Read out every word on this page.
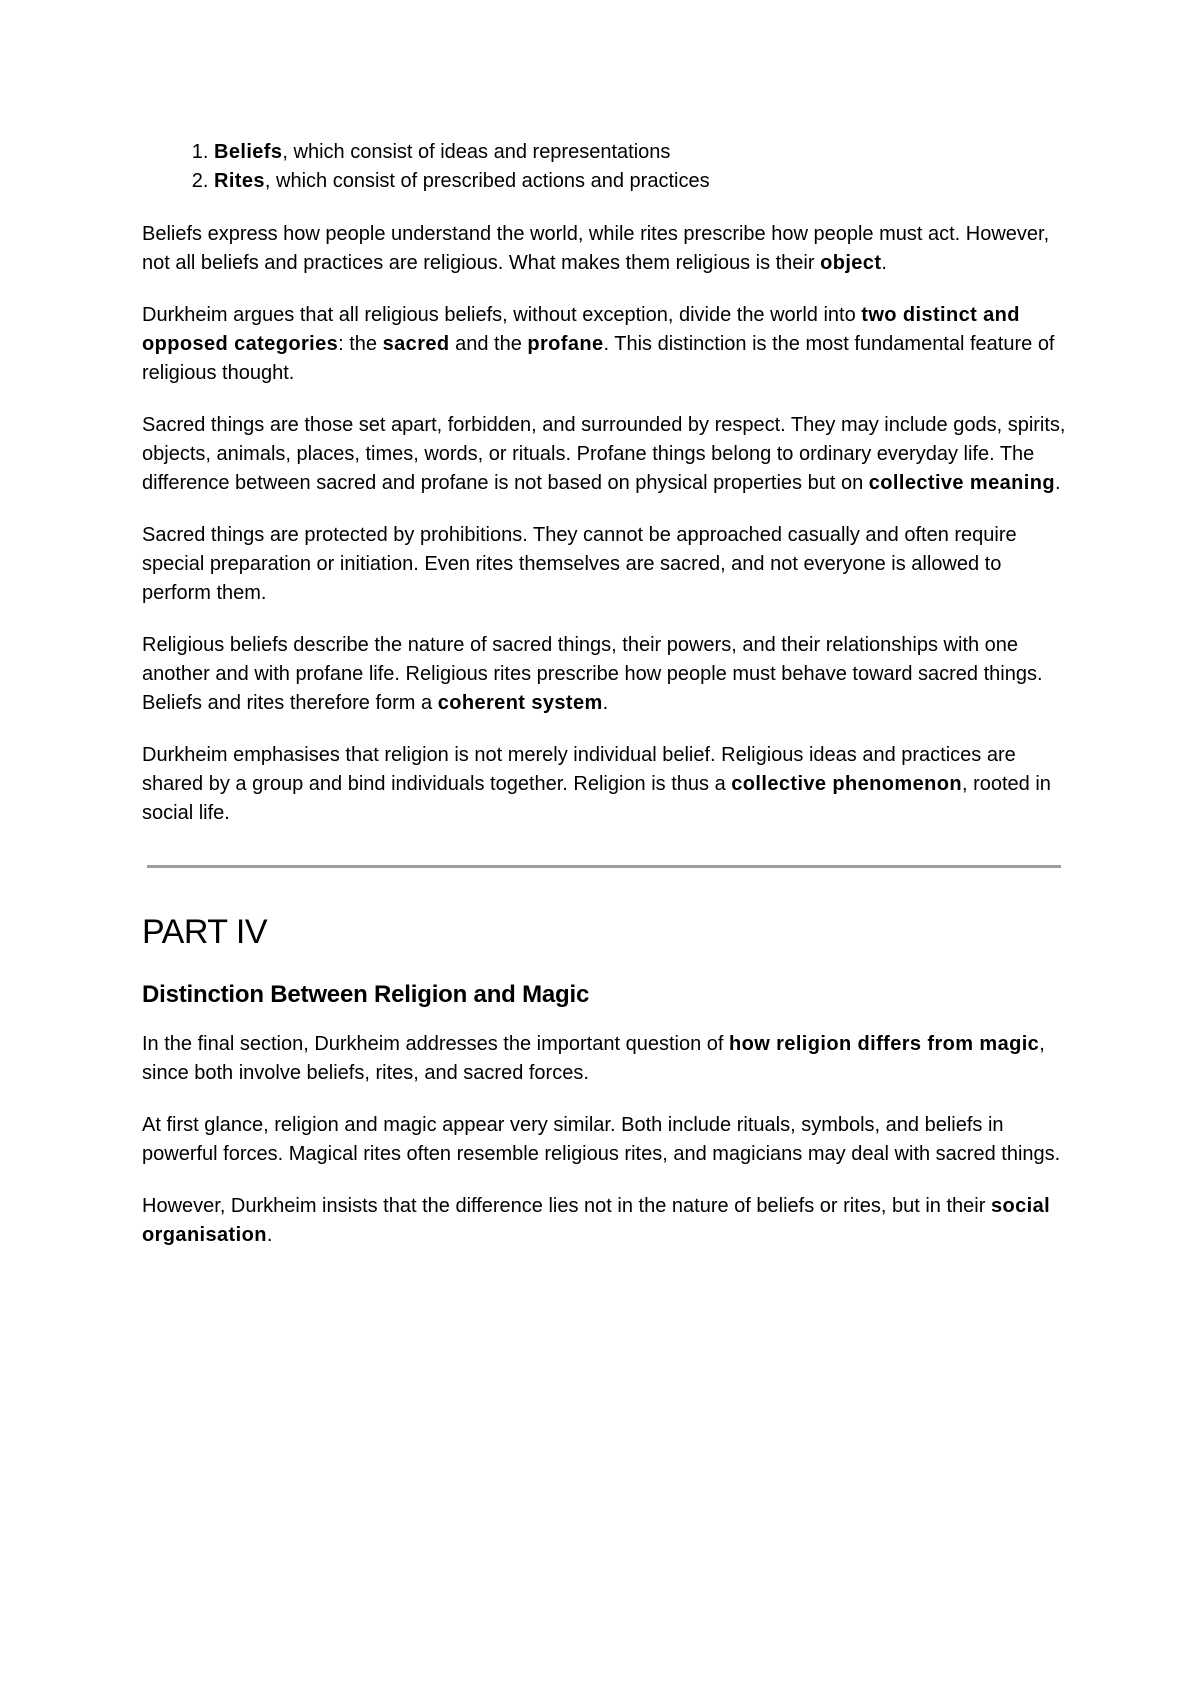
1. Beliefs, which consist of ideas and representations
2. Rites, which consist of prescribed actions and practices

Beliefs express how people understand the world, while rites prescribe how people must act. However, not all beliefs and practices are religious. What makes them religious is their object.

Durkheim argues that all religious beliefs, without exception, divide the world into two distinct and opposed categories: the sacred and the profane. This distinction is the most fundamental feature of religious thought.

Sacred things are those set apart, forbidden, and surrounded by respect. They may include gods, spirits, objects, animals, places, times, words, or rituals. Profane things belong to ordinary everyday life. The difference between sacred and profane is not based on physical properties but on collective meaning.

Sacred things are protected by prohibitions. They cannot be approached casually and often require special preparation or initiation. Even rites themselves are sacred, and not everyone is allowed to perform them.

Religious beliefs describe the nature of sacred things, their powers, and their relationships with one another and with profane life. Religious rites prescribe how people must behave toward sacred things. Beliefs and rites therefore form a coherent system.

Durkheim emphasises that religion is not merely individual belief. Religious ideas and practices are shared by a group and bind individuals together. Religion is thus a collective phenomenon, rooted in social life.

PART IV
Distinction Between Religion and Magic

In the final section, Durkheim addresses the important question of how religion differs from magic, since both involve beliefs, rites, and sacred forces.

At first glance, religion and magic appear very similar. Both include rituals, symbols, and beliefs in powerful forces. Magical rites often resemble religious rites, and magicians may deal with sacred things.

However, Durkheim insists that the difference lies not in the nature of beliefs or rites, but in their social organisation.
